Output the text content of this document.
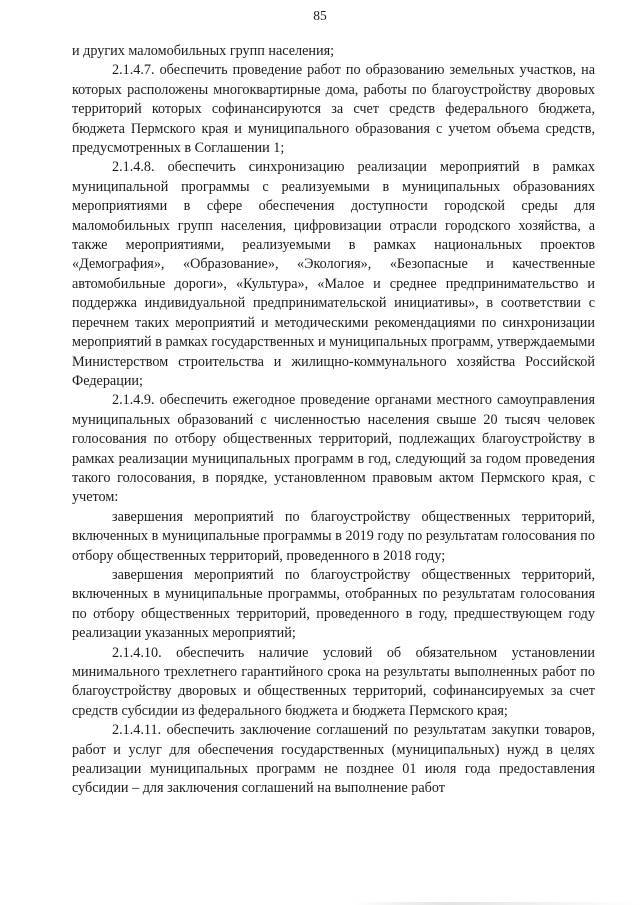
85

и других маломобильных групп населения;

2.1.4.7. обеспечить проведение работ по образованию земельных участков, на которых расположены многоквартирные дома, работы по благоустройству дворовых территорий которых софинансируются за счет средств федерального бюджета, бюджета Пермского края и муниципального образования с учетом объема средств, предусмотренных в Соглашении 1;

2.1.4.8. обеспечить синхронизацию реализации мероприятий в рамках муниципальной программы с реализуемыми в муниципальных образованиях мероприятиями в сфере обеспечения доступности городской среды для маломобильных групп населения, цифровизации отрасли городского хозяйства, а также мероприятиями, реализуемыми в рамках национальных проектов «Демография», «Образование», «Экология», «Безопасные и качественные автомобильные дороги», «Культура», «Малое и среднее предпринимательство и поддержка индивидуальной предпринимательской инициативы», в соответствии с перечнем таких мероприятий и методическими рекомендациями по синхронизации мероприятий в рамках государственных и муниципальных программ, утверждаемыми Министерством строительства и жилищно-коммунального хозяйства Российской Федерации;

2.1.4.9. обеспечить ежегодное проведение органами местного самоуправления муниципальных образований с численностью населения свыше 20 тысяч человек голосования по отбору общественных территорий, подлежащих благоустройству в рамках реализации муниципальных программ в год, следующий за годом проведения такого голосования, в порядке, установленном правовым актом Пермского края, с учетом:

завершения мероприятий по благоустройству общественных территорий, включенных в муниципальные программы в 2019 году по результатам голосования по отбору общественных территорий, проведенного в 2018 году;

завершения мероприятий по благоустройству общественных территорий, включенных в муниципальные программы, отобранных по результатам голосования по отбору общественных территорий, проведенного в году, предшествующем году реализации указанных мероприятий;

2.1.4.10. обеспечить наличие условий об обязательном установлении минимального трехлетнего гарантийного срока на результаты выполненных работ по благоустройству дворовых и общественных территорий, софинансируемых за счет средств субсидии из федерального бюджета и бюджета Пермского края;

2.1.4.11. обеспечить заключение соглашений по результатам закупки товаров, работ и услуг для обеспечения государственных (муниципальных) нужд в целях реализации муниципальных программ не позднее 01 июля года предоставления субсидии – для заключения соглашений на выполнение работ
